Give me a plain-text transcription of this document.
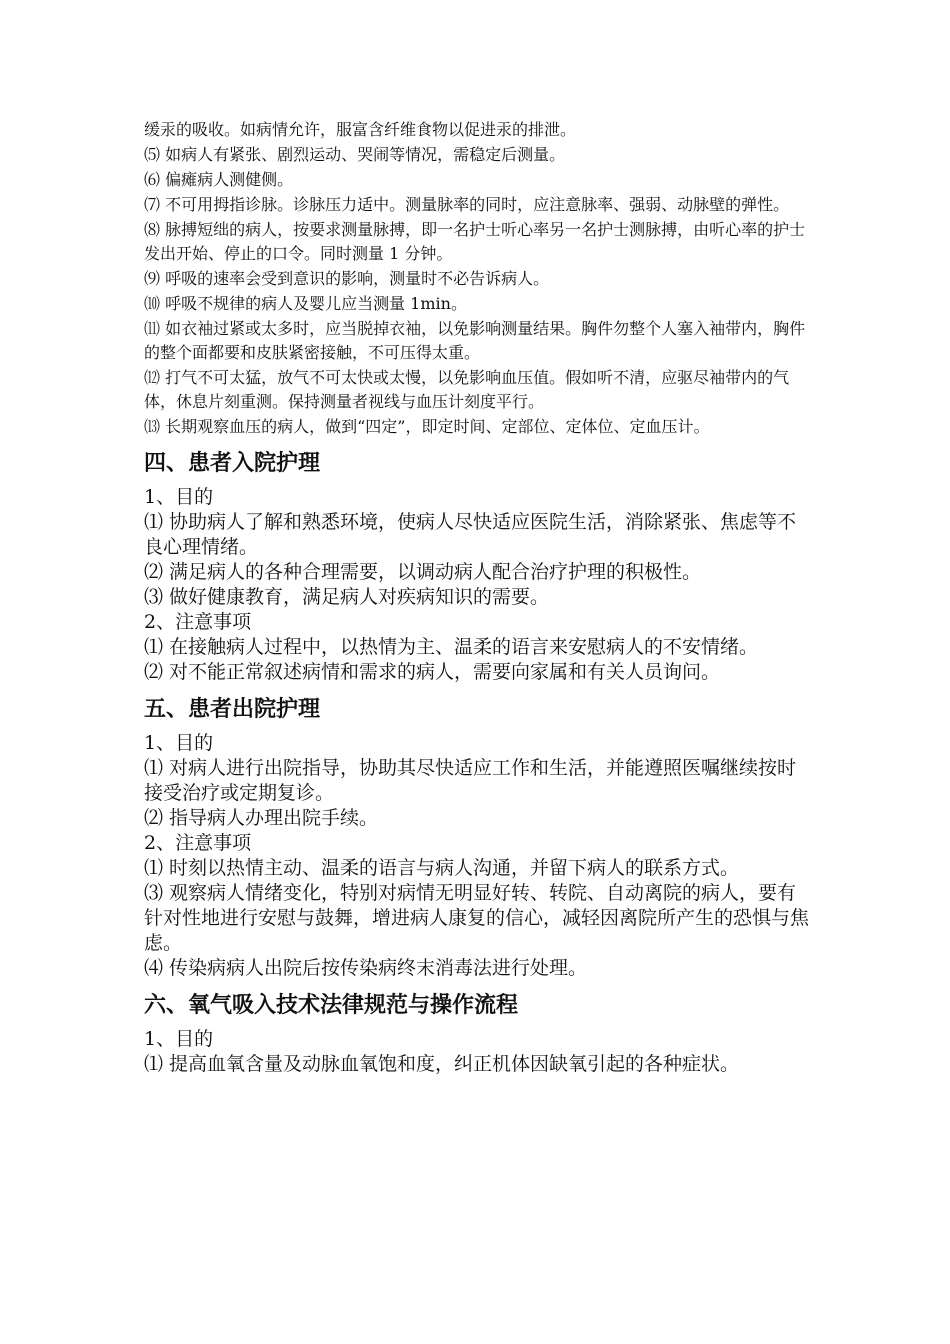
缓汞的吸收。如病情允许，服富含纤维食物以促进汞的排泄。

⑸ 如病人有紧张、剧烈运动、哭闹等情况，需稳定后测量。

⑹ 偏瘫病人测健侧。

⑺ 不可用拇指诊脉。诊脉压力适中。测量脉率的同时，应注意脉率、强弱、动脉壁的弹性。

⑻ 脉搏短绌的病人，按要求测量脉搏，即一名护士听心率另一名护士测脉搏，由听心率的护士发出开始、停止的口令。同时测量 1 分钟。

⑼ 呼吸的速率会受到意识的影响，测量时不必告诉病人。

⑽ 呼吸不规律的病人及婴儿应当测量 1min。

⑾ 如衣袖过紧或太多时，应当脱掉衣袖，以免影响测量结果。胸件勿整个人塞入袖带内，胸件的整个面都要和皮肤紧密接触，不可压得太重。

⑿ 打气不可太猛，放气不可太快或太慢，以免影响血压值。假如听不清，应驱尽袖带内的气体，休息片刻重测。保持测量者视线与血压计刻度平行。

⒀ 长期观察血压的病人，做到“四定”，即定时间、定部位、定体位、定血压计。

四、患者入院护理

1、目的

⑴ 协助病人了解和熟悉环境，使病人尽快适应医院生活，消除紧张、焦虑等不良心理情绪。

⑵ 满足病人的各种合理需要，以调动病人配合治疗护理的积极性。

⑶ 做好健康教育，满足病人对疾病知识的需要。

2、注意事项

⑴ 在接触病人过程中，以热情为主、温柔的语言来安慰病人的不安情绪。

⑵ 对不能正常叙述病情和需求的病人，需要向家属和有关人员询问。

五、患者出院护理

1、目的

⑴ 对病人进行出院指导，协助其尽快适应工作和生活，并能遵照医嘱继续按时接受治疗或定期复诊。

⑵ 指导病人办理出院手续。

2、注意事项

⑴ 时刻以热情主动、温柔的语言与病人沟通，并留下病人的联系方式。

⑶ 观察病人情绪变化，特别对病情无明显好转、转院、自动离院的病人，要有针对性地进行安慰与鼓舞，增进病人康复的信心，减轻因离院所产生的恐惧与焦虑。

⑷ 传染病病人出院后按传染病终末消毒法进行处理。

六、氧气吸入技术法律规范与操作流程

1、目的

⑴ 提高血氧含量及动脉血氧饱和度，纠正机体因缺氧引起的各种症状。
